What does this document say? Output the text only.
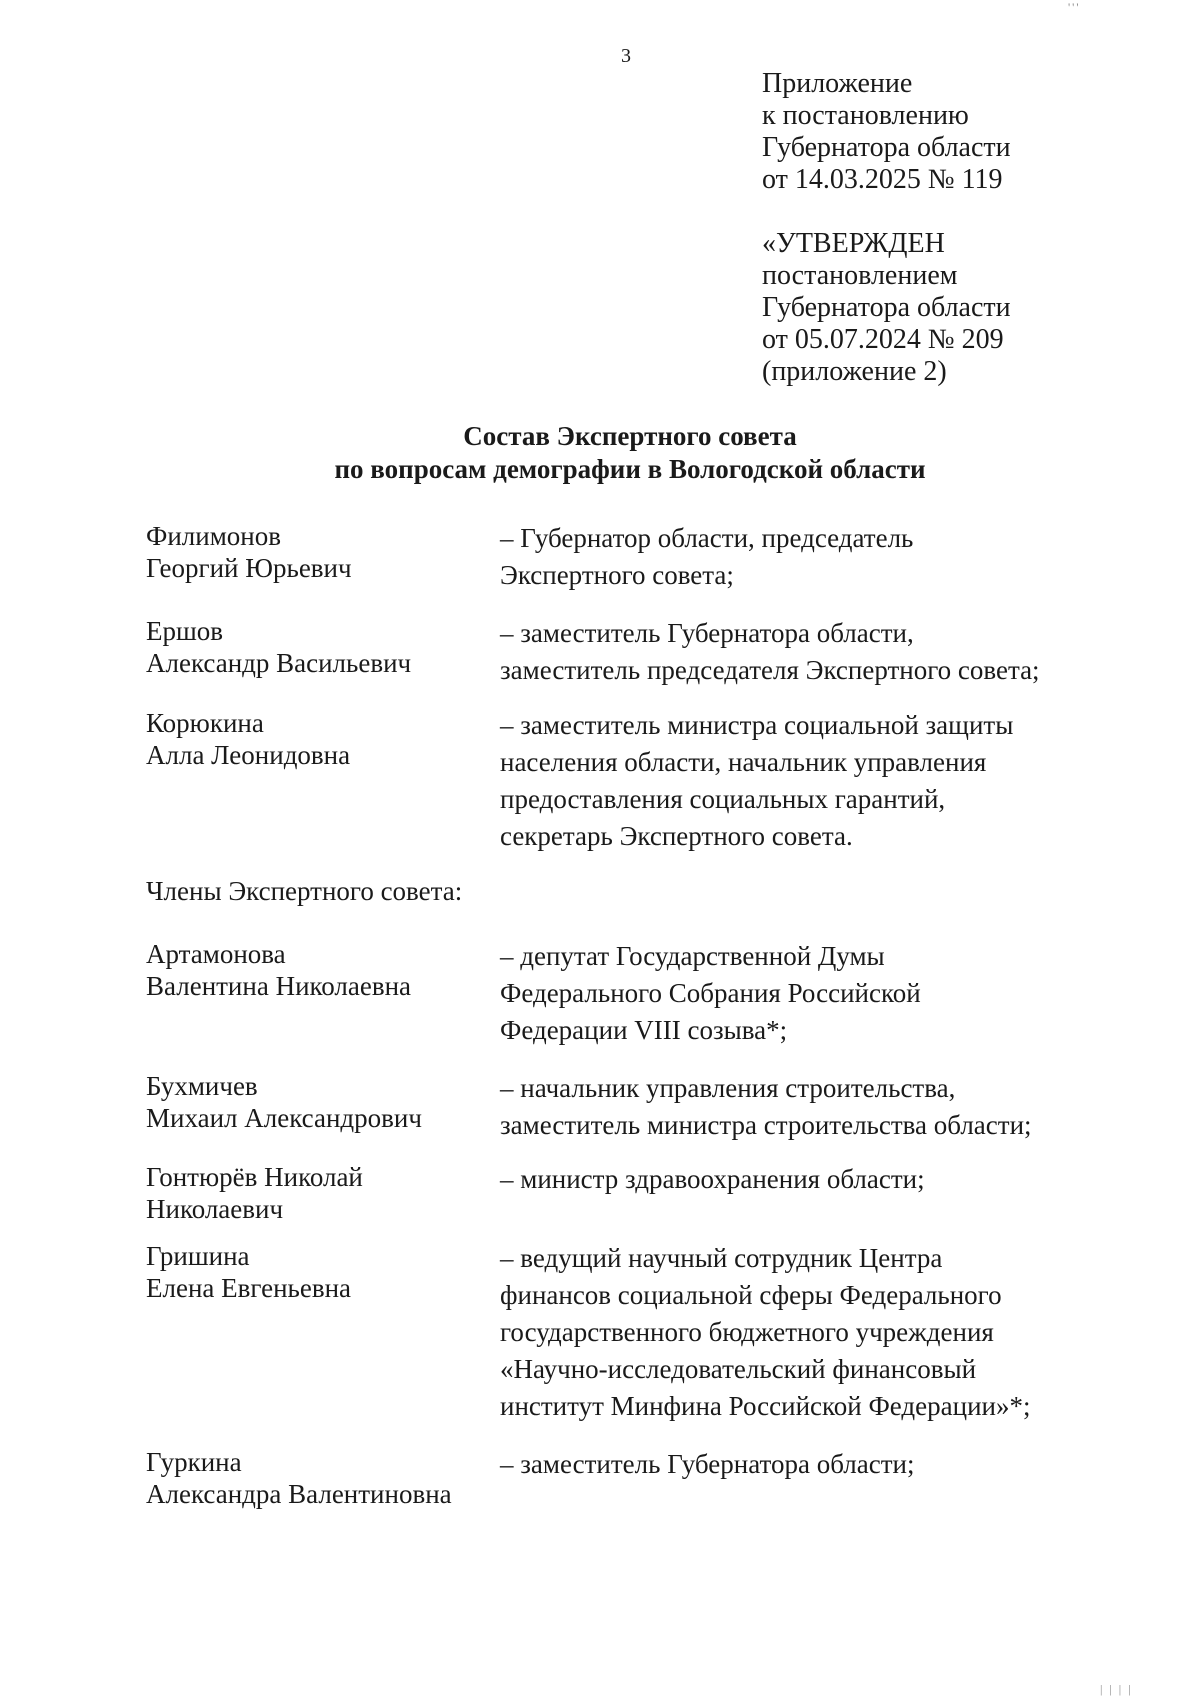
3
Приложение
к постановлению
Губернатора области
от 14.03.2025 № 119
«УТВЕРЖДЕН
постановлением
Губернатора области
от 05.07.2024 № 209
(приложение 2)
Состав Экспертного совета
по вопросам демографии в Вологодской области
Филимонов
Георгий Юрьевич
– Губернатор области, председатель
Экспертного совета;
Ершов
Александр Васильевич
– заместитель Губернатора области,
заместитель председателя Экспертного совета;
Корюкина
Алла Леонидовна
– заместитель министра социальной защиты
населения области, начальник управления
предоставления социальных гарантий,
секретарь Экспертного совета.
Члены Экспертного совета:
Артамонова
Валентина Николаевна
– депутат Государственной Думы
Федерального Собрания Российской
Федерации VIII созыва*;
Бухмичев
Михаил Александрович
– начальник управления строительства,
заместитель министра строительства области;
Гонтюрёв Николай
Николаевич
– министр здравоохранения области;
Гришина
Елена Евгеньевна
– ведущий научный сотрудник Центра
финансов социальной сферы Федерального
государственного бюджетного учреждения
«Научно-исследовательский финансовый
институт Минфина Российской Федерации»*;
Гуркина
Александра Валентиновна
– заместитель Губернатора области;
'''
| | | |
